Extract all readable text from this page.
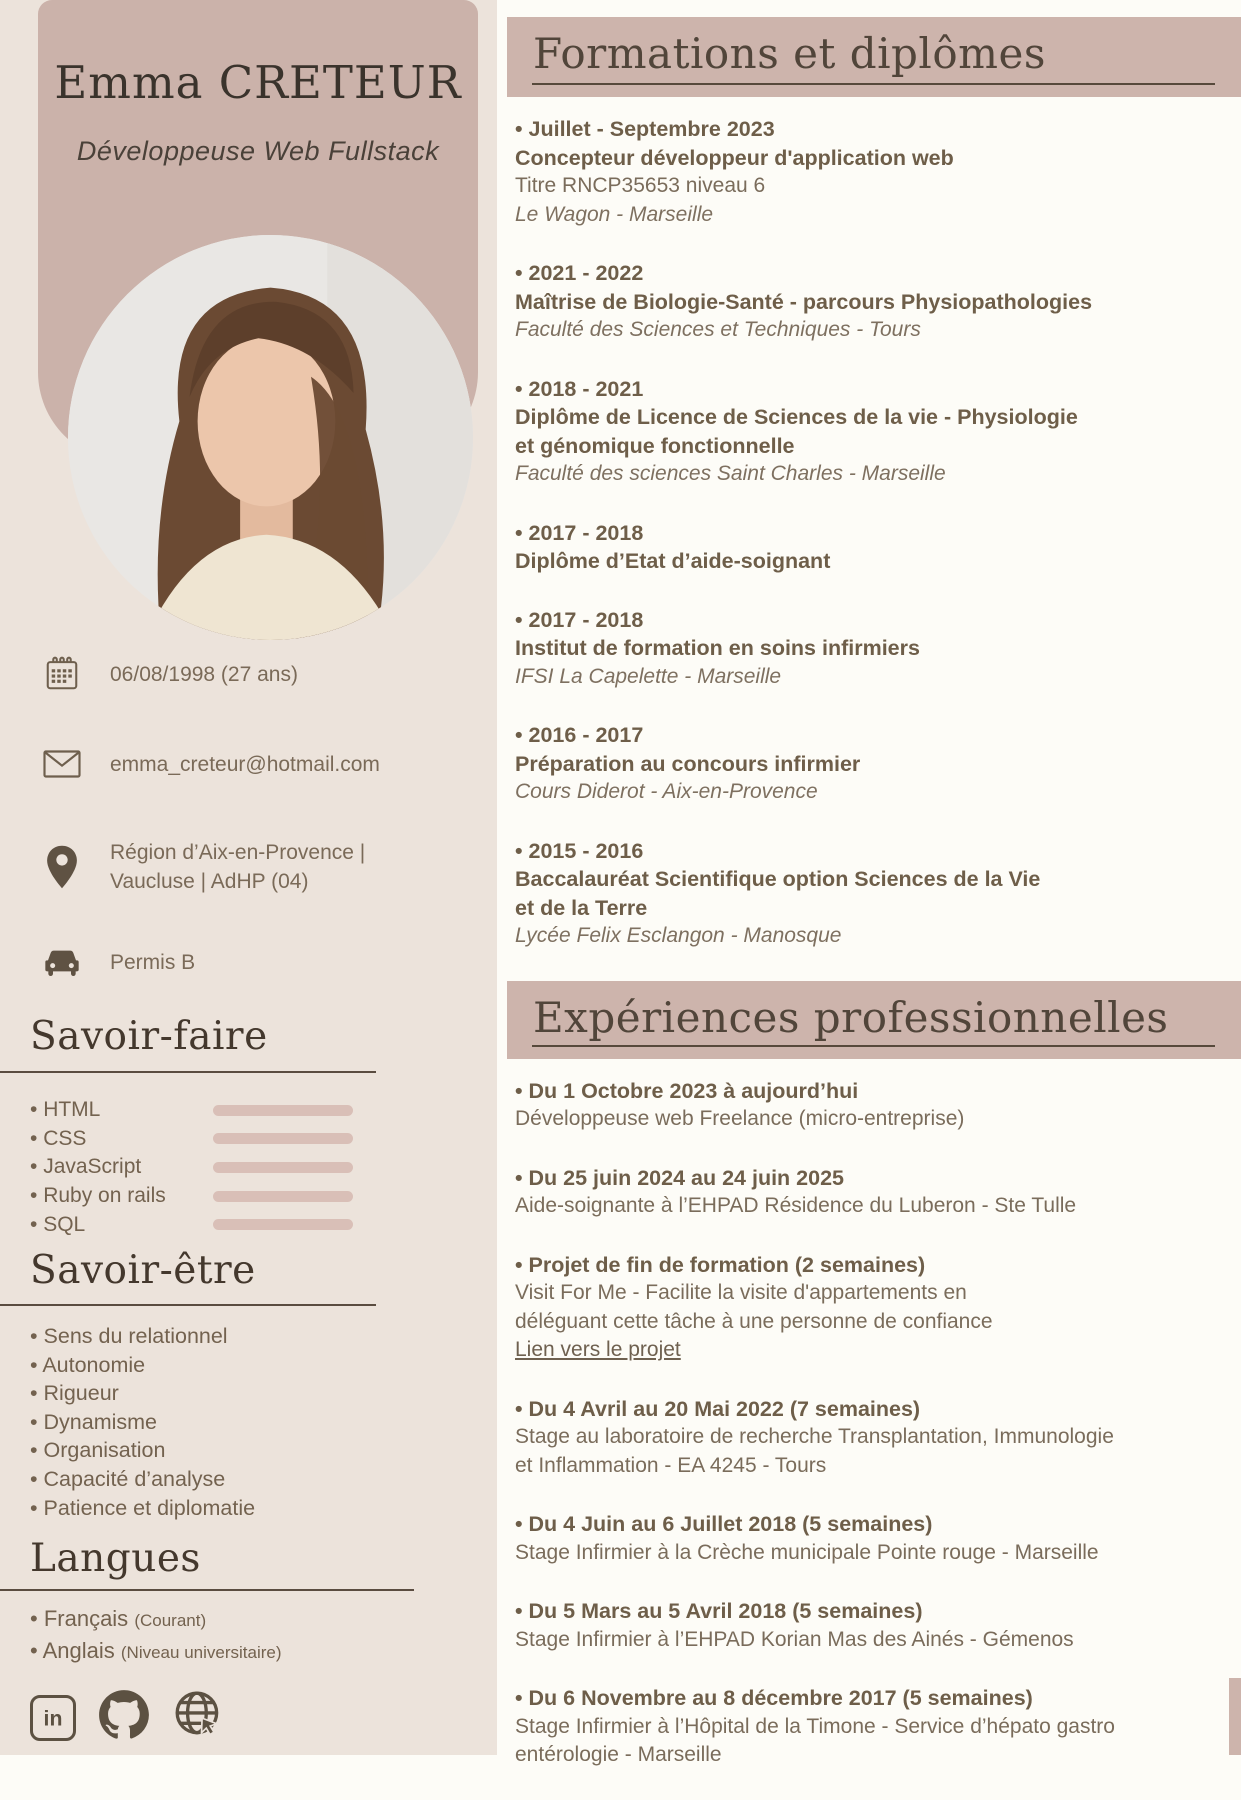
Emma CRETEUR
Développeuse Web Fullstack
06/08/1998 (27 ans)
emma_creteur@hotmail.com
Région d’Aix-en-Provence | Vaucluse | AdHP (04)
Permis B
Savoir-faire
• HTML
• CSS
• JavaScript
• Ruby on rails
• SQL
Savoir-être
• Sens du relationnel
• Autonomie
• Rigueur
• Dynamisme
• Organisation
• Capacité d’analyse
• Patience et diplomatie
Langues
• Français (Courant)
• Anglais (Niveau universitaire)
in
Formations et diplômes
• Juillet - Septembre 2023
Concepteur développeur d'application web
Titre RNCP35653 niveau 6
Le Wagon - Marseille
• 2021 - 2022
Maîtrise de Biologie-Santé - parcours Physiopathologies
Faculté des Sciences et Techniques - Tours
• 2018 - 2021
Diplôme de Licence de Sciences de la vie - Physiologie
et génomique fonctionnelle
Faculté des sciences Saint Charles - Marseille
• 2017 - 2018
Diplôme d’Etat d’aide-soignant
• 2017 - 2018
Institut de formation en soins infirmiers
IFSI La Capelette - Marseille
• 2016 - 2017
Préparation au concours infirmier
Cours Diderot - Aix-en-Provence
• 2015 - 2016
Baccalauréat Scientifique option Sciences de la Vie
et de la Terre
Lycée Felix Esclangon - Manosque
Expériences professionnelles
• Du 1 Octobre 2023 à aujourd’hui
Développeuse web Freelance (micro-entreprise)
• Du 25 juin 2024 au 24 juin 2025
Aide-soignante à l’EHPAD Résidence du Luberon - Ste Tulle
• Projet de fin de formation (2 semaines)
Visit For Me - Facilite la visite d'appartements en
déléguant cette tâche à une personne de confiance
Lien vers le projet
• Du 4 Avril au 20 Mai 2022 (7 semaines)
Stage au laboratoire de recherche Transplantation, Immunologie
et Inflammation - EA 4245 - Tours
• Du 4 Juin au 6 Juillet 2018 (5 semaines)
Stage Infirmier à la Crèche municipale Pointe rouge - Marseille
• Du 5 Mars au 5 Avril 2018 (5 semaines)
Stage Infirmier à l’EHPAD Korian Mas des Ainés - Gémenos
• Du 6 Novembre au 8 décembre 2017 (5 semaines)
Stage Infirmier à l’Hôpital de la Timone - Service d’hépato gastro
entérologie - Marseille
